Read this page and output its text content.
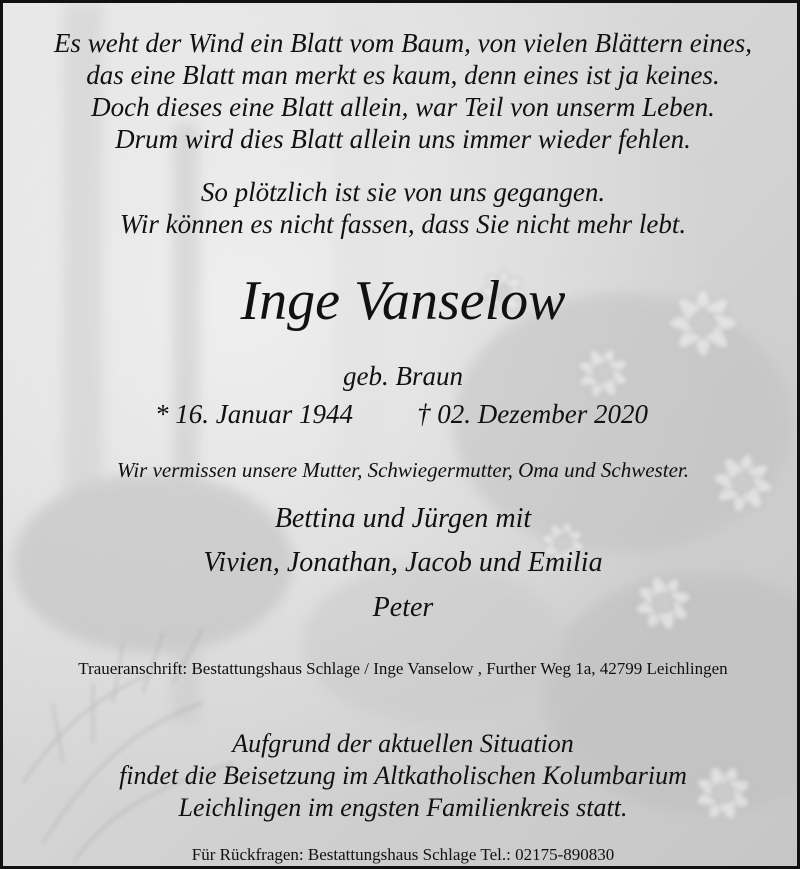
Es weht der Wind ein Blatt vom Baum, von vielen Blättern eines,
das eine Blatt man merkt es kaum, denn eines ist ja keines.
Doch dieses eine Blatt allein, war Teil von unserm Leben.
Drum wird dies Blatt allein uns immer wieder fehlen.
So plötzlich ist sie von uns gegangen.
Wir können es nicht fassen, dass Sie nicht mehr lebt.
Inge Vanselow
geb. Braun
* 16. Januar 1944 † 02. Dezember 2020
Wir vermissen unsere Mutter, Schwiegermutter, Oma und Schwester.
Bettina und Jürgen mit
Vivien, Jonathan, Jacob und Emilia
Peter
Traueranschrift: Bestattungshaus Schlage / Inge Vanselow , Further Weg 1a, 42799 Leichlingen
Aufgrund der aktuellen Situation
findet die Beisetzung im Altkatholischen Kolumbarium
Leichlingen im engsten Familienkreis statt.
Für Rückfragen: Bestattungshaus Schlage Tel.: 02175-890830
